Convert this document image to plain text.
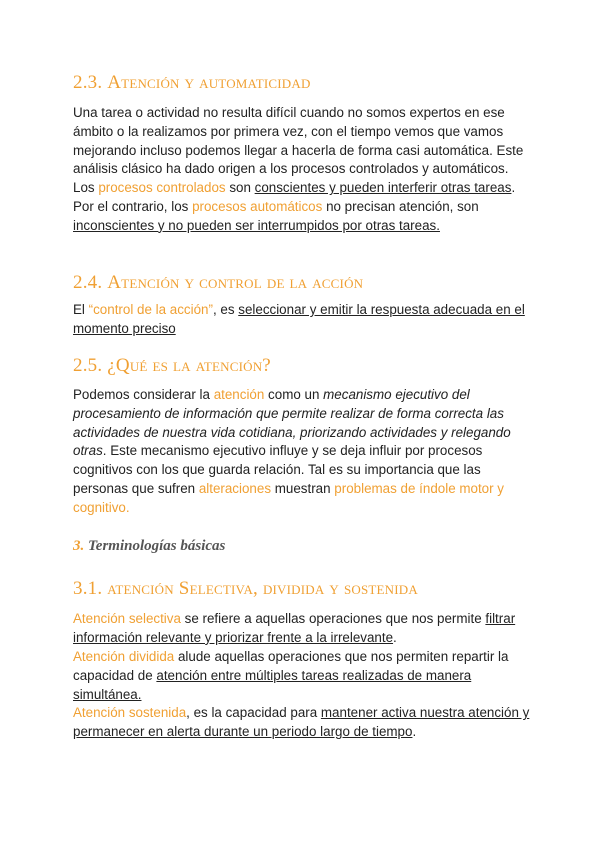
2.3. Atención y automaticidad

Una tarea o actividad no resulta difícil cuando no somos expertos en ese ámbito o la realizamos por primera vez, con el tiempo vemos que vamos mejorando incluso podemos llegar a hacerla de forma casi automática. Este análisis clásico ha dado origen a los procesos controlados y automáticos. Los procesos controlados son conscientes y pueden interferir otras tareas. Por el contrario, los procesos automáticos no precisan atención, son inconscientes y no pueden ser interrumpidos por otras tareas.

2.4. Atención y control de la acción

El “control de la acción”, es seleccionar y emitir la respuesta adecuada en el momento preciso

2.5. ¿Qué es la atención?

Podemos considerar la atención como un mecanismo ejecutivo del procesamiento de información que permite realizar de forma correcta las actividades de nuestra vida cotidiana, priorizando actividades y relegando otras. Este mecanismo ejecutivo influye y se deja influir por procesos cognitivos con los que guarda relación. Tal es su importancia que las personas que sufren alteraciones muestran problemas de índole motor y cognitivo.

3. Terminologías básicas
3.1. atención Selectiva, dividida y sostenida

Atención selectiva se refiere a aquellas operaciones que nos permite filtrar información relevante y priorizar frente a la irrelevante.

Atención dividida alude aquellas operaciones que nos permiten repartir la capacidad de atención entre múltiples tareas realizadas de manera simultánea.

Atención sostenida, es la capacidad para mantener activa nuestra atención y permanecer en alerta durante un periodo largo de tiempo.
